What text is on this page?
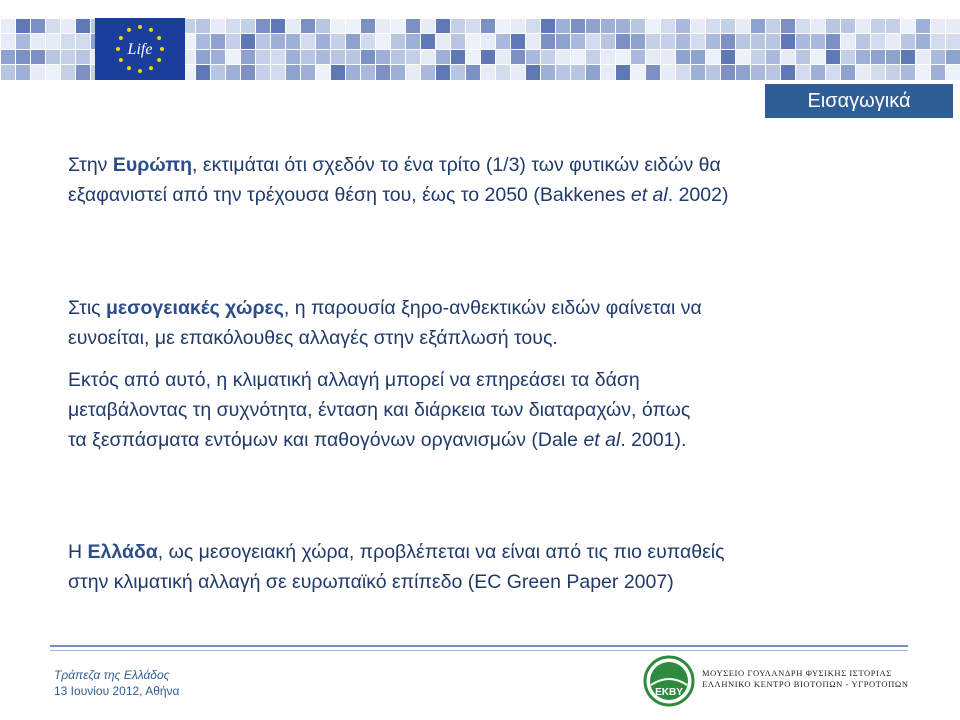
Life
Εισαγωγικά
Στην Ευρώπη, εκτιμάται ότι σχεδόν το ένα τρίτο (1/3) των φυτικών ειδών θα
εξαφανιστεί από την τρέχουσα θέση του, έως το 2050 (Bakkenes et al. 2002)
Στις μεσογειακές χώρες, η παρουσία ξηρο-ανθεκτικών ειδών φαίνεται να
ευνοείται, με επακόλουθες αλλαγές στην εξάπλωσή τους.
Εκτός από αυτό, η κλιματική αλλαγή μπορεί να επηρεάσει τα δάση
μεταβάλοντας τη συχνότητα, ένταση και διάρκεια των διαταραχών, όπως
τα ξεσπάσματα εντόμων και παθογόνων οργανισμών (Dale et al. 2001).
Η Ελλάδα, ως μεσογειακή χώρα, προβλέπεται να είναι από τις πιο ευπαθείς
στην κλιματική αλλαγή σε ευρωπαϊκό επίπεδο (EC Green Paper 2007)
Τράπεζα της Ελλάδος
13 Ιουνίου 2012, Αθήνα	EKBY
ΜΟΥΣΕΙΟ ΓΟΥΛΑΝΔΡΗ ΦΥΣΙΚΗΣ ΙΣΤΟΡΙΑΣ
ΕΛΛΗΝΙΚΟ ΚΕΝΤΡΟ ΒΙΟΤΟΠΩΝ - ΥΓΡΟΤΟΠΩΝ
